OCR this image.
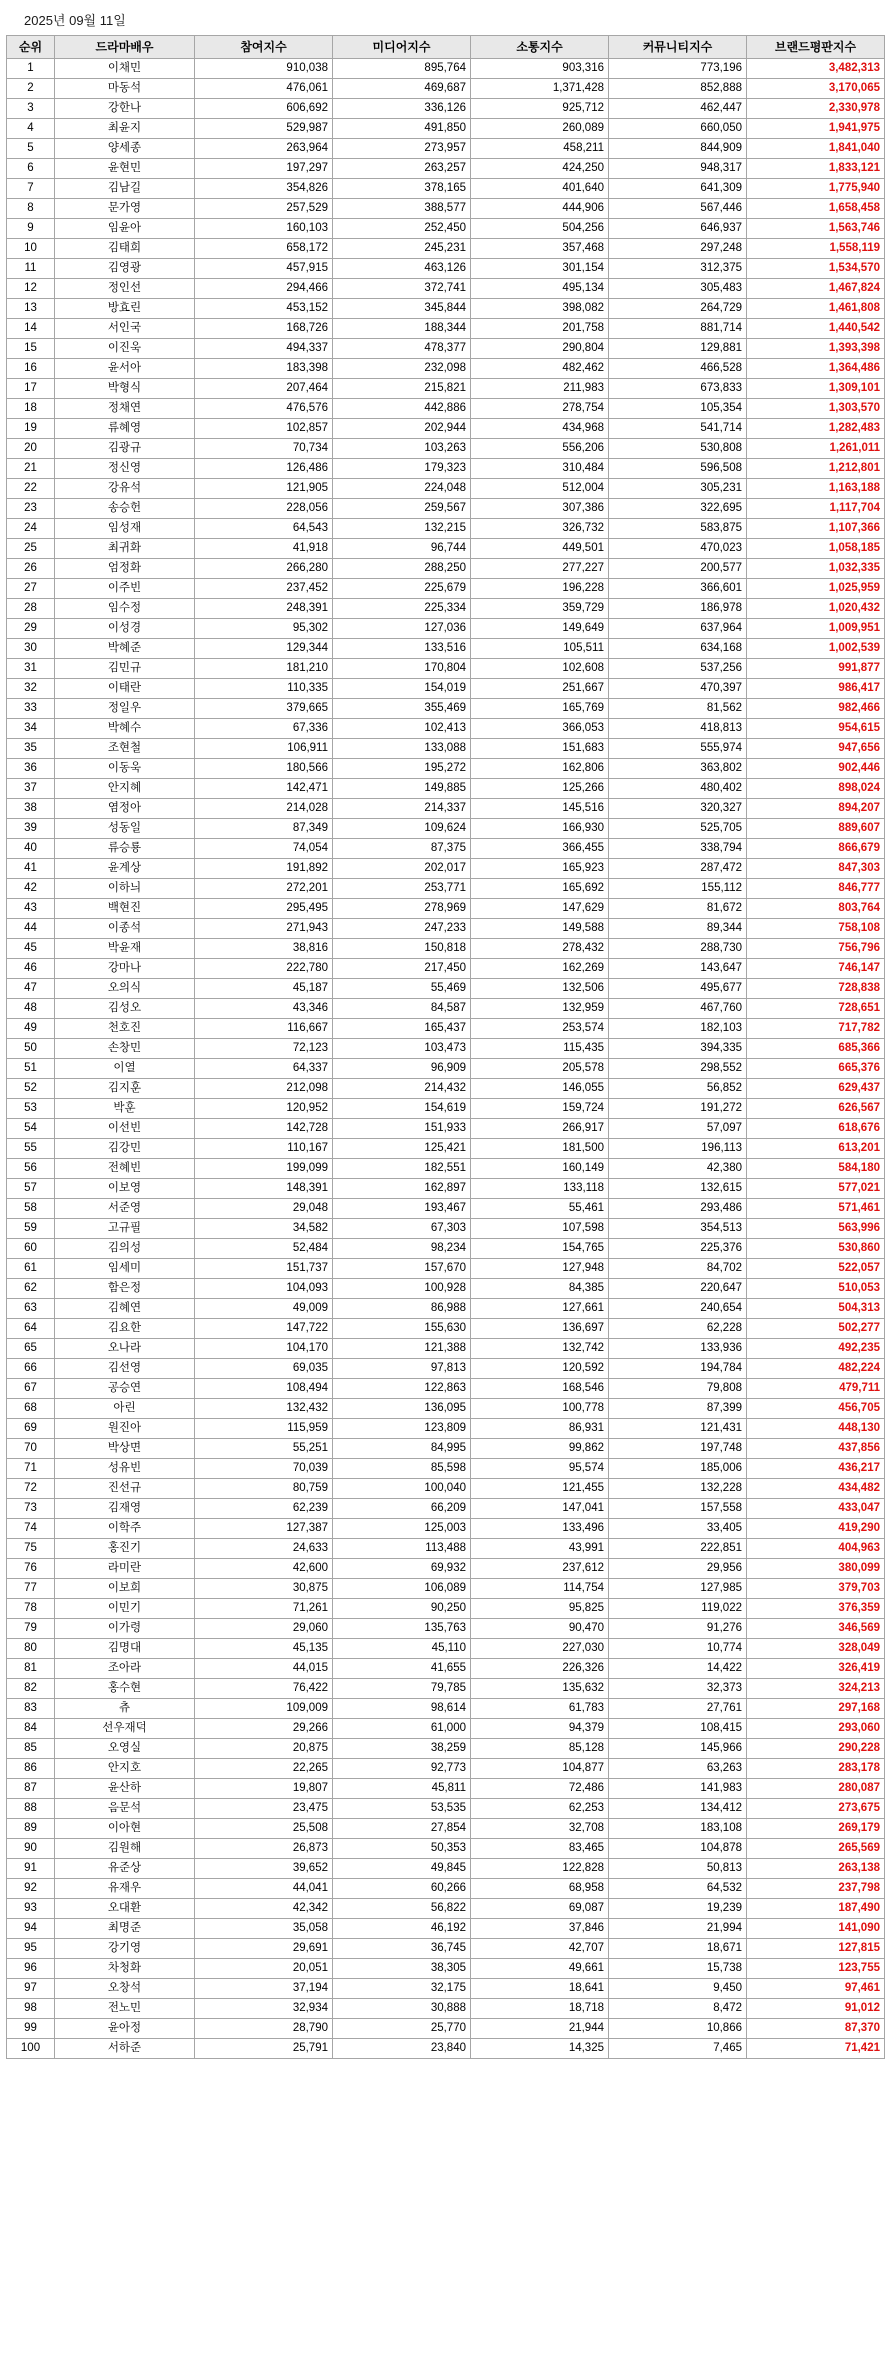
2025년 09월 11일
순위	드라마배우	참여지수	미디어지수	소통지수	커뮤니티지수	브랜드평판지수
1	이채민	910,038	895,764	903,316	773,196	3,482,313
2	마동석	476,061	469,687	1,371,428	852,888	3,170,065
3	강한나	606,692	336,126	925,712	462,447	2,330,978
4	최윤지	529,987	491,850	260,089	660,050	1,941,975
5	양세종	263,964	273,957	458,211	844,909	1,841,040
6	윤현민	197,297	263,257	424,250	948,317	1,833,121
7	김남길	354,826	378,165	401,640	641,309	1,775,940
8	문가영	257,529	388,577	444,906	567,446	1,658,458
9	임윤아	160,103	252,450	504,256	646,937	1,563,746
10	김태희	658,172	245,231	357,468	297,248	1,558,119
11	김영광	457,915	463,126	301,154	312,375	1,534,570
12	정인선	294,466	372,741	495,134	305,483	1,467,824
13	방효린	453,152	345,844	398,082	264,729	1,461,808
14	서인국	168,726	188,344	201,758	881,714	1,440,542
15	이진욱	494,337	478,377	290,804	129,881	1,393,398
16	윤서아	183,398	232,098	482,462	466,528	1,364,486
17	박형식	207,464	215,821	211,983	673,833	1,309,101
18	정채연	476,576	442,886	278,754	105,354	1,303,570
19	류혜영	102,857	202,944	434,968	541,714	1,282,483
20	김광규	70,734	103,263	556,206	530,808	1,261,011
21	정신영	126,486	179,323	310,484	596,508	1,212,801
22	강유석	121,905	224,048	512,004	305,231	1,163,188
23	송승헌	228,056	259,567	307,386	322,695	1,117,704
24	임성재	64,543	132,215	326,732	583,875	1,107,366
25	최귀화	41,918	96,744	449,501	470,023	1,058,185
26	엄정화	266,280	288,250	277,227	200,577	1,032,335
27	이주빈	237,452	225,679	196,228	366,601	1,025,959
28	임수정	248,391	225,334	359,729	186,978	1,020,432
29	이성경	95,302	127,036	149,649	637,964	1,009,951
30	박혜준	129,344	133,516	105,511	634,168	1,002,539
31	김민규	181,210	170,804	102,608	537,256	991,877
32	이태란	110,335	154,019	251,667	470,397	986,417
33	정일우	379,665	355,469	165,769	81,562	982,466
34	박혜수	67,336	102,413	366,053	418,813	954,615
35	조현철	106,911	133,088	151,683	555,974	947,656
36	이동욱	180,566	195,272	162,806	363,802	902,446
37	안지혜	142,471	149,885	125,266	480,402	898,024
38	염정아	214,028	214,337	145,516	320,327	894,207
39	성동일	87,349	109,624	166,930	525,705	889,607
40	류승룡	74,054	87,375	366,455	338,794	866,679
41	윤계상	191,892	202,017	165,923	287,472	847,303
42	이하늬	272,201	253,771	165,692	155,112	846,777
43	백현진	295,495	278,969	147,629	81,672	803,764
44	이종석	271,943	247,233	149,588	89,344	758,108
45	박윤재	38,816	150,818	278,432	288,730	756,796
46	강마나	222,780	217,450	162,269	143,647	746,147
47	오의식	45,187	55,469	132,506	495,677	728,838
48	김성오	43,346	84,587	132,959	467,760	728,651
49	천호진	116,667	165,437	253,574	182,103	717,782
50	손창민	72,123	103,473	115,435	394,335	685,366
51	이열	64,337	96,909	205,578	298,552	665,376
52	김지훈	212,098	214,432	146,055	56,852	629,437
53	박훈	120,952	154,619	159,724	191,272	626,567
54	이선빈	142,728	151,933	266,917	57,097	618,676
55	김강민	110,167	125,421	181,500	196,113	613,201
56	전혜빈	199,099	182,551	160,149	42,380	584,180
57	이보영	148,391	162,897	133,118	132,615	577,021
58	서준영	29,048	193,467	55,461	293,486	571,461
59	고규필	34,582	67,303	107,598	354,513	563,996
60	김의성	52,484	98,234	154,765	225,376	530,860
61	임세미	151,737	157,670	127,948	84,702	522,057
62	함은정	104,093	100,928	84,385	220,647	510,053
63	김혜연	49,009	86,988	127,661	240,654	504,313
64	김요한	147,722	155,630	136,697	62,228	502,277
65	오나라	104,170	121,388	132,742	133,936	492,235
66	김선영	69,035	97,813	120,592	194,784	482,224
67	공승연	108,494	122,863	168,546	79,808	479,711
68	아린	132,432	136,095	100,778	87,399	456,705
69	원진아	115,959	123,809	86,931	121,431	448,130
70	박상면	55,251	84,995	99,862	197,748	437,856
71	성유빈	70,039	85,598	95,574	185,006	436,217
72	진선규	80,759	100,040	121,455	132,228	434,482
73	김재영	62,239	66,209	147,041	157,558	433,047
74	이학주	127,387	125,003	133,496	33,405	419,290
75	홍진기	24,633	113,488	43,991	222,851	404,963
76	라미란	42,600	69,932	237,612	29,956	380,099
77	이보희	30,875	106,089	114,754	127,985	379,703
78	이민기	71,261	90,250	95,825	119,022	376,359
79	이가령	29,060	135,763	90,470	91,276	346,569
80	김명대	45,135	45,110	227,030	10,774	328,049
81	조아라	44,015	41,655	226,326	14,422	326,419
82	홍수현	76,422	79,785	135,632	32,373	324,213
83	츄	109,009	98,614	61,783	27,761	297,168
84	선우재덕	29,266	61,000	94,379	108,415	293,060
85	오영실	20,875	38,259	85,128	145,966	290,228
86	안지호	22,265	92,773	104,877	63,263	283,178
87	윤산하	19,807	45,811	72,486	141,983	280,087
88	음문석	23,475	53,535	62,253	134,412	273,675
89	이아현	25,508	27,854	32,708	183,108	269,179
90	김원해	26,873	50,353	83,465	104,878	265,569
91	유준상	39,652	49,845	122,828	50,813	263,138
92	유재우	44,041	60,266	68,958	64,532	237,798
93	오대환	42,342	56,822	69,087	19,239	187,490
94	최명준	35,058	46,192	37,846	21,994	141,090
95	강기영	29,691	36,745	42,707	18,671	127,815
96	차청화	20,051	38,305	49,661	15,738	123,755
97	오창석	37,194	32,175	18,641	9,450	97,461
98	전노민	32,934	30,888	18,718	8,472	91,012
99	윤아정	28,790	25,770	21,944	10,866	87,370
100	서하준	25,791	23,840	14,325	7,465	71,421
